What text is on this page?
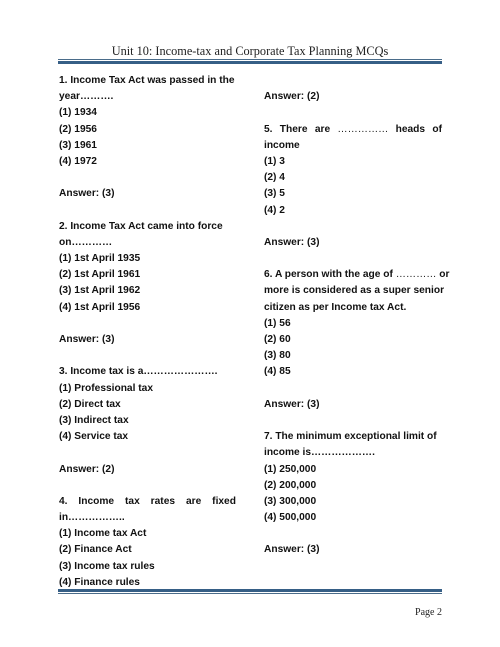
Unit 10: Income-tax and Corporate Tax Planning MCQs
1. Income Tax Act was passed in the
year……….
(1) 1934
(2) 1956
(3) 1961
(4) 1972
Answer: (3)
2. Income Tax Act came into force
on…………
(1) 1st April 1935
(2) 1st April 1961
(3) 1st April 1962
(4) 1st April 1956
Answer: (3)
3. Income tax is a………………….
(1) Professional tax
(2) Direct tax
(3) Indirect tax
(4) Service tax
Answer: (2)
4. Income tax rates are fixed
in……………..
(1) Income tax Act
(2) Finance Act
(3) Income tax rules
(4) Finance rules
Answer: (2)
5. There are …………… heads of
income
(1) 3
(2) 4
(3) 5
(4) 2
Answer: (3)
6. A person with the age of ………… or
more is considered as a super senior
citizen as per Income tax Act.
(1) 56
(2) 60
(3) 80
(4) 85
Answer: (3)
7. The minimum exceptional limit of
income is……………….
(1) 250,000
(2) 200,000
(3) 300,000
(4) 500,000
Answer: (3)
Page 2
